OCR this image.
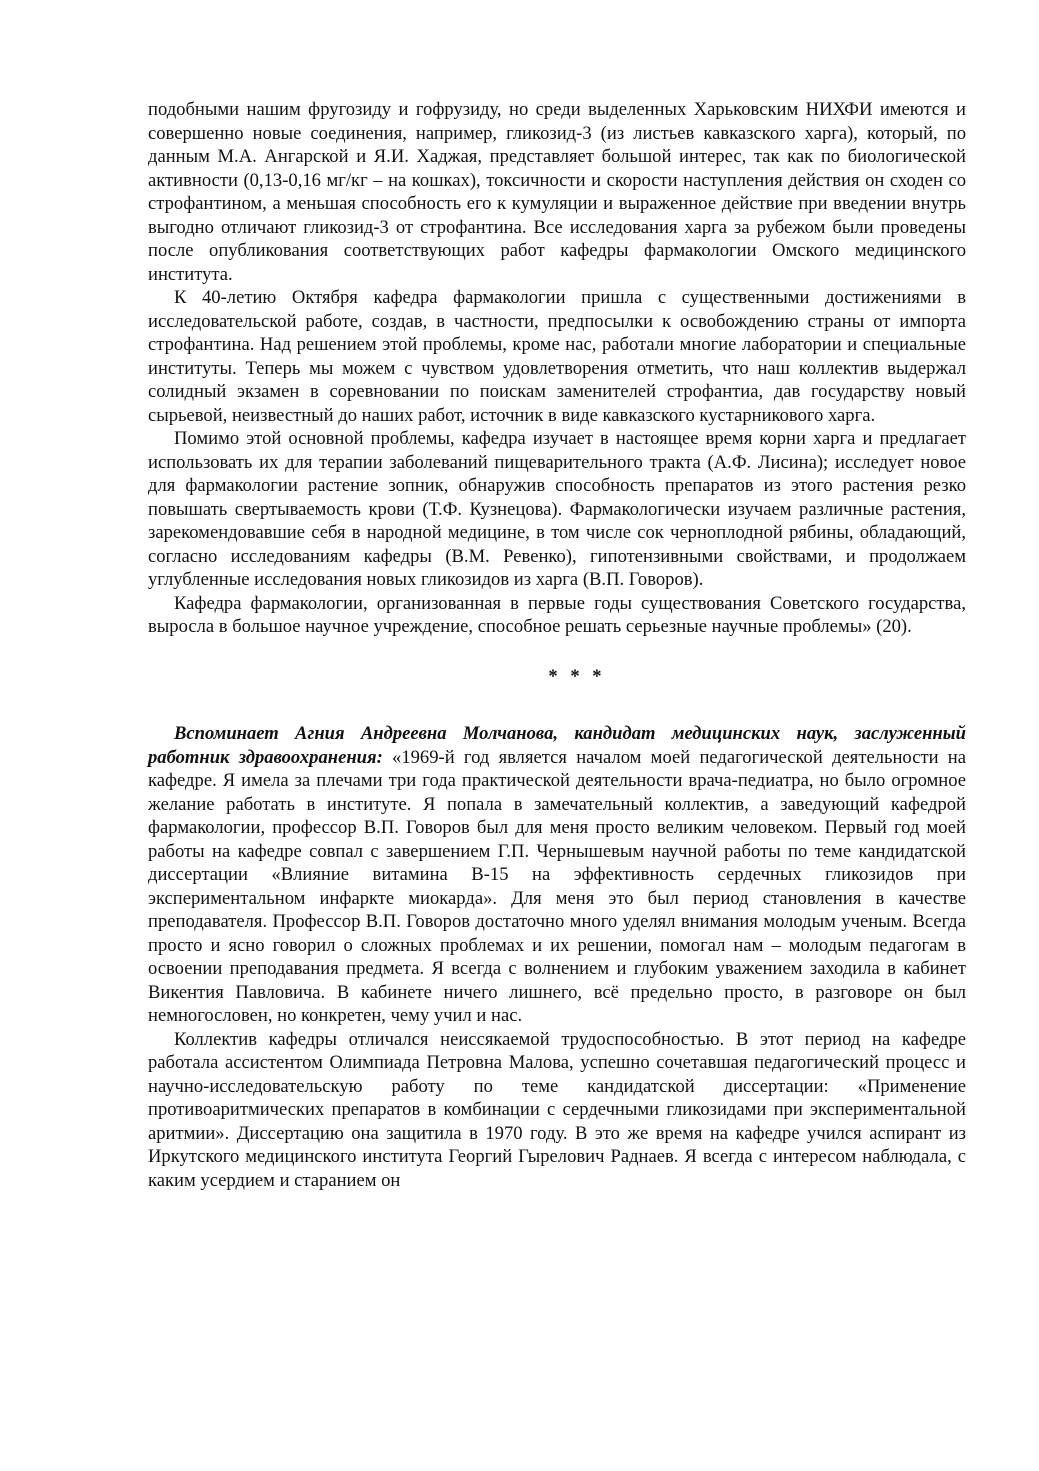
подобными нашим фругозиду и гофрузиду, но среди выделенных Харьковским НИХФИ имеются и совершенно новые соединения, например, гликозид-3 (из листьев кавказского харга), который, по данным М.А. Ангарской и Я.И. Хаджая, представляет большой интерес, так как по биологической активности (0,13-0,16 мг/кг – на кошках), токсичности и скорости наступления действия он сходен со строфантином, а меньшая способность его к кумуляции и выраженное действие при введении внутрь выгодно отличают гликозид-3 от строфантина. Все исследования харга за рубежом были проведены после опубликования соответствующих работ кафедры фармакологии Омского медицинского института.

К 40-летию Октября кафедра фармакологии пришла с существенными достижениями в исследовательской работе, создав, в частности, предпосылки к освобождению страны от импорта строфантина. Над решением этой проблемы, кроме нас, работали многие лаборатории и специальные институты. Теперь мы можем с чувством удовлетворения отметить, что наш коллектив выдержал солидный экзамен в соревновании по поискам заменителей строфантиа, дав государству новый сырьевой, неизвестный до наших работ, источник в виде кавказского кустарникового харга.

Помимо этой основной проблемы, кафедра изучает в настоящее время корни харга и предлагает использовать их для терапии заболеваний пищеварительного тракта (А.Ф. Лисина); исследует новое для фармакологии растение зопник, обнаружив способность препаратов из этого растения резко повышать свертываемость крови (Т.Ф. Кузнецова). Фармакологически изучаем различные растения, зарекомендовавшие себя в народной медицине, в том числе сок черноплодной рябины, обладающий, согласно исследованиям кафедры (В.М. Ревенко), гипотензивными свойствами, и продолжаем углубленные исследования новых гликозидов из харга (В.П. Говоров).

Кафедра фармакологии, организованная в первые годы существования Советского государства, выросла в большое научное учреждение, способное решать серьезные научные проблемы» (20).

* * *

Вспоминает Агния Андреевна Молчанова, кандидат медицинских наук, заслуженный работник здравоохранения: «1969-й год является началом моей педагогической деятельности на кафедре. Я имела за плечами три года практической деятельности врача-педиатра, но было огромное желание работать в институте. Я попала в замечательный коллектив, а заведующий кафедрой фармакологии, профессор В.П. Говоров был для меня просто великим человеком. Первый год моей работы на кафедре совпал с завершением Г.П. Чернышевым научной работы по теме кандидатской диссертации «Влияние витамина В-15 на эффективность сердечных гликозидов при экспериментальном инфаркте миокарда». Для меня это был период становления в качестве преподавателя. Профессор В.П. Говоров достаточно много уделял внимания молодым ученым. Всегда просто и ясно говорил о сложных проблемах и их решении, помогал нам – молодым педагогам в освоении преподавания предмета. Я всегда с волнением и глубоким уважением заходила в кабинет Викентия Павловича. В кабинете ничего лишнего, всё предельно просто, в разговоре он был немногословен, но конкретен, чему учил и нас.

Коллектив кафедры отличался неиссякаемой трудоспособностью. В этот период на кафедре работала ассистентом Олимпиада Петровна Малова, успешно сочетавшая педагогический процесс и научно-исследовательскую работу по теме кандидатской диссертации: «Применение противоаритмических препаратов в комбинации с сердечными гликозидами при экспериментальной аритмии». Диссертацию она защитила в 1970 году. В это же время на кафедре учился аспирант из Иркутского медицинского института Георгий Гырелович Раднаев. Я всегда с интересом наблюдала, с каким усердием и старанием он
